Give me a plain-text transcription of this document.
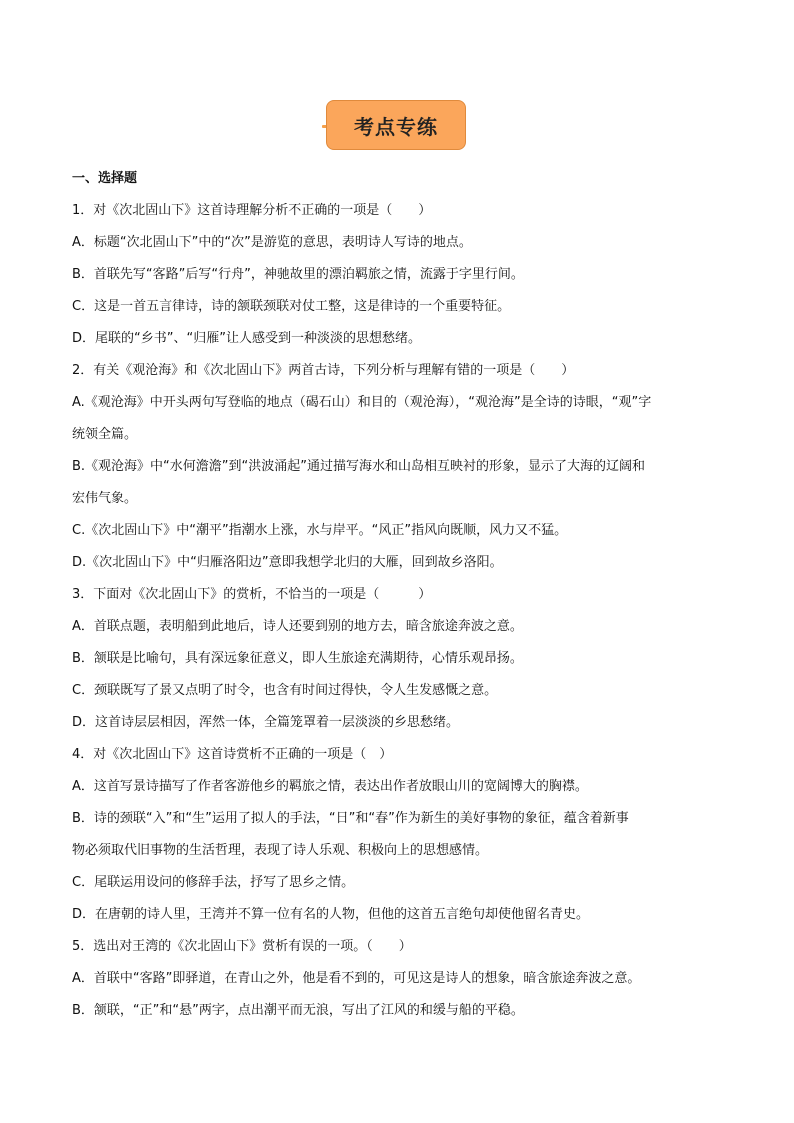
考点专练
一、选择题
1．对《次北固山下》这首诗理解分析不正确的一项是（　　）
A．标题“次北固山下”中的“次”是游览的意思，表明诗人写诗的地点。
B．首联先写“客路”后写“行舟”，神驰故里的漂泊羁旅之情，流露于字里行间。
C．这是一首五言律诗，诗的颔联颈联对仗工整，这是律诗的一个重要特征。
D．尾联的“乡书”、“归雁”让人感受到一种淡淡的思想愁绪。
2．有关《观沧海》和《次北固山下》两首古诗，下列分析与理解有错的一项是（　　）
A.《观沧海》中开头两句写登临的地点（碣石山）和目的（观沧海），“观沧海”是全诗的诗眼，“观”字
统领全篇。
B.《观沧海》中“水何澹澹”到“洪波涌起”通过描写海水和山岛相互映衬的形象，显示了大海的辽阔和
宏伟气象。
C.《次北固山下》中“潮平”指潮水上涨，水与岸平。“风正”指风向既顺，风力又不猛。
D.《次北固山下》中“归雁洛阳边”意即我想学北归的大雁，回到故乡洛阳。
3．下面对《次北固山下》的赏析，不恰当的一项是（　　　）
A．首联点题，表明船到此地后，诗人还要到别的地方去，暗含旅途奔波之意。
B．颔联是比喻句，具有深远象征意义，即人生旅途充满期待，心情乐观昂扬。
C．颈联既写了景又点明了时令，也含有时间过得快，令人生发感慨之意。
D．这首诗层层相因，浑然一体，全篇笼罩着一层淡淡的乡思愁绪。
4．对《次北固山下》这首诗赏析不正确的一项是（　）
A．这首写景诗描写了作者客游他乡的羁旅之情，表达出作者放眼山川的宽阔博大的胸襟。
B．诗的颈联“入”和“生”运用了拟人的手法，“日”和“春”作为新生的美好事物的象征，蕴含着新事
物必须取代旧事物的生活哲理，表现了诗人乐观、积极向上的思想感情。
C．尾联运用设问的修辞手法，抒写了思乡之情。
D．在唐朝的诗人里，王湾并不算一位有名的人物，但他的这首五言绝句却使他留名青史。
5．选出对王湾的《次北固山下》赏析有误的一项。（　　）
A．首联中“客路”即驿道，在青山之外，他是看不到的，可见这是诗人的想象，暗含旅途奔波之意。
B．颔联，“正”和“悬”两字，点出潮平而无浪，写出了江风的和缓与船的平稳。
